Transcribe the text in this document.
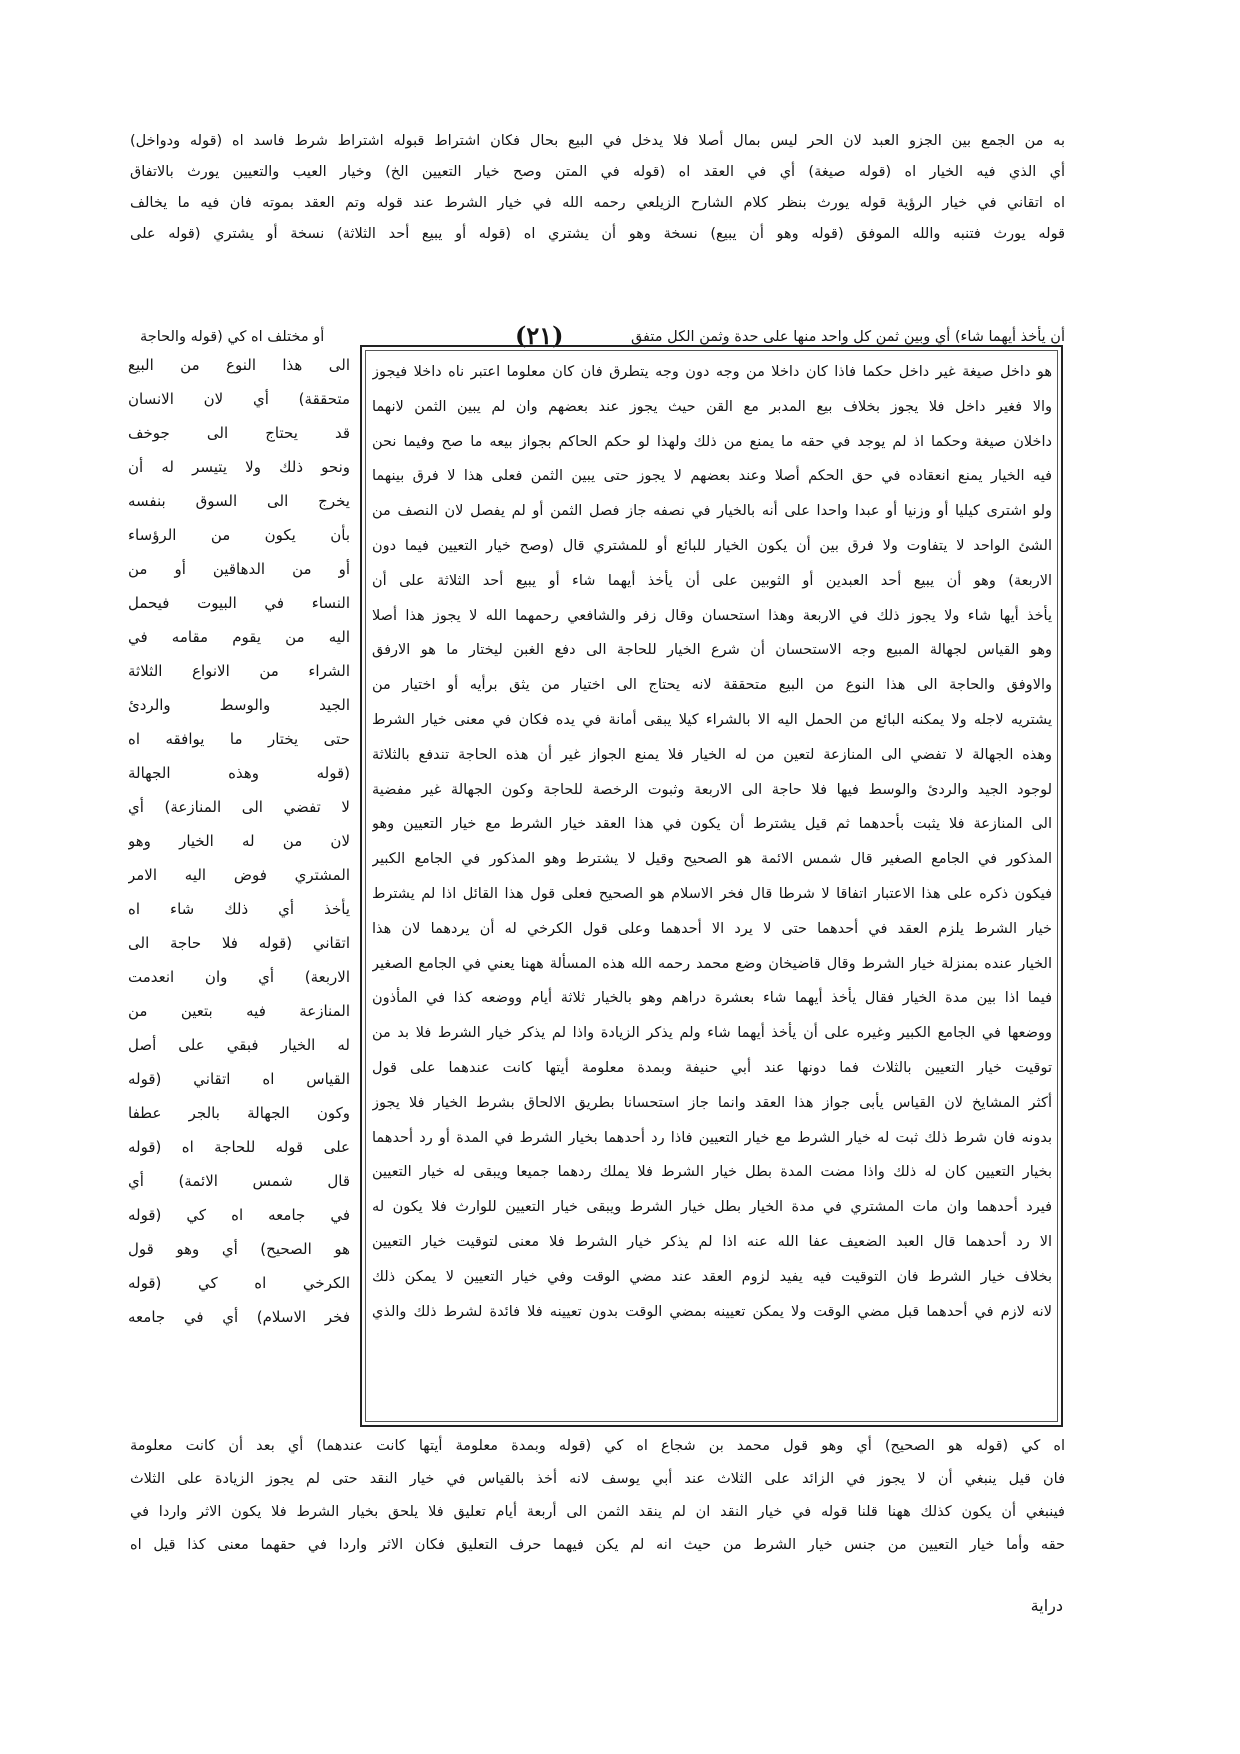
به من الجمع بين الجزو العبد لان الحر ليس بمال أصلا فلا يدخل في البيع بحال فكان اشتراط قبوله اشتراط شرط فاسد اه (قوله ودواخل)
أي الذي فيه الخيار اه (قوله صيغة) أي في العقد اه (قوله في المتن وصح خيار التعيين الخ) وخيار العيب والتعيين يورث بالاتفاق
اه اتقاني في خيار الرؤية قوله يورث بنظر كلام الشارح الزيلعي رحمه الله في خيار الشرط عند قوله وتم العقد بموته فان فيه ما يخالف
قوله يورث فتنبه والله الموفق (قوله وهو أن يبيع) نسخة وهو أن يشتري اه (قوله أو يبيع أحد الثلاثة) نسخة أو يشتري (قوله على
أن يأخذ أيهما شاء) أي وبين ثمن كل واحد منها على حدة وثمن الكل متفق
(٢١)
أو مختلف اه كي (قوله والحاجة
هو داخل صيغة غير داخل حكما فاذا كان داخلا من وجه دون وجه يتطرق فان كان معلوما اعتبر ناه داخلا فيجوز
والا فغير داخل فلا يجوز بخلاف بيع المدبر مع القن حيث يجوز عند بعضهم وان لم يبين الثمن لانهما
داخلان صيغة وحكما اذ لم يوجد في حقه ما يمنع من ذلك ولهذا لو حكم الحاكم بجواز بيعه ما صح وفيما نحن
فيه الخيار يمنع انعقاده في حق الحكم أصلا وعند بعضهم لا يجوز حتى يبين الثمن فعلى هذا لا فرق بينهما
ولو اشترى كيليا أو وزنيا أو عبدا واحدا على أنه بالخيار في نصفه جاز فصل الثمن أو لم يفصل لان النصف من
الشئ الواحد لا يتفاوت ولا فرق بين أن يكون الخيار للبائع أو للمشتري قال (وصح خيار التعيين فيما دون
الاربعة) وهو أن يبيع أحد العبدين أو الثوبين على أن يأخذ أيهما شاء أو يبيع أحد الثلاثة على أن
يأخذ أيها شاء ولا يجوز ذلك في الاربعة وهذا استحسان وقال زفر والشافعي رحمهما الله لا يجوز هذا أصلا
وهو القياس لجهالة المبيع وجه الاستحسان أن شرع الخيار للحاجة الى دفع الغبن ليختار ما هو الارفق
والاوفق والحاجة الى هذا النوع من البيع متحققة لانه يحتاج الى اختيار من يثق برأيه أو اختيار من
يشتريه لاجله ولا يمكنه البائع من الحمل اليه الا بالشراء كيلا يبقى أمانة في يده فكان في معنى خيار الشرط
وهذه الجهالة لا تفضي الى المنازعة لتعين من له الخيار فلا يمنع الجواز غير أن هذه الحاجة تندفع بالثلاثة
لوجود الجيد والردئ والوسط فيها فلا حاجة الى الاربعة وثبوت الرخصة للحاجة وكون الجهالة غير مفضية
الى المنازعة فلا يثبت بأحدهما ثم قيل يشترط أن يكون في هذا العقد خيار الشرط مع خيار التعيين وهو
المذكور في الجامع الصغير قال شمس الائمة هو الصحيح وقيل لا يشترط وهو المذكور في الجامع الكبير
فيكون ذكره على هذا الاعتبار اتفاقا لا شرطا قال فخر الاسلام هو الصحيح فعلى قول هذا القائل اذا لم يشترط
خيار الشرط يلزم العقد في أحدهما حتى لا يرد الا أحدهما وعلى قول الكرخي له أن يردهما لان هذا
الخيار عنده بمنزلة خيار الشرط وقال قاضيخان وضع محمد رحمه الله هذه المسألة ههنا يعني في الجامع الصغير
فيما اذا بين مدة الخيار فقال يأخذ أيهما شاء بعشرة دراهم وهو بالخيار ثلاثة أيام ووضعه كذا في المأذون
ووضعها في الجامع الكبير وغيره على أن يأخذ أيهما شاء ولم يذكر الزيادة واذا لم يذكر خيار الشرط فلا بد من
توقيت خيار التعيين بالثلاث فما دونها عند أبي حنيفة وبمدة معلومة أيتها كانت عندهما على قول
أكثر المشايخ لان القياس يأبى جواز هذا العقد وانما جاز استحسانا بطريق الالحاق بشرط الخيار فلا يجوز
بدونه فان شرط ذلك ثبت له خيار الشرط مع خيار التعيين فاذا رد أحدهما بخيار الشرط في المدة أو رد أحدهما
بخيار التعيين كان له ذلك واذا مضت المدة بطل خيار الشرط فلا يملك ردهما جميعا ويبقى له خيار التعيين
فيرد أحدهما وان مات المشتري في مدة الخيار بطل خيار الشرط ويبقى خيار التعيين للوارث فلا يكون له
الا رد أحدهما قال العبد الضعيف عفا الله عنه اذا لم يذكر خيار الشرط فلا معنى لتوقيت خيار التعيين
بخلاف خيار الشرط فان التوقيت فيه يفيد لزوم العقد عند مضي الوقت وفي خيار التعيين لا يمكن ذلك
لانه لازم في أحدهما قبل مضي الوقت ولا يمكن تعيينه بمضي الوقت بدون تعيينه فلا فائدة لشرط ذلك والذي
الى هذا النوع من البيع
متحققة) أي لان الانسان
قد يحتاج الى جوخف
ونحو ذلك ولا يتيسر له أن
يخرج الى السوق بنفسه
بأن يكون من الرؤساء
أو من الدهاقين أو من
النساء في البيوت فيحمل
اليه من يقوم مقامه في
الشراء من الانواع الثلاثة
الجيد والوسط والردئ
حتى يختار ما يوافقه اه
(قوله وهذه الجهالة
لا تفضي الى المنازعة) أي
لان من له الخيار وهو
المشتري فوض اليه الامر
يأخذ أي ذلك شاء اه
اتقاني (قوله فلا حاجة الى
الاربعة) أي وان انعدمت
المنازعة فيه بتعين من
له الخيار فبقي على أصل
القياس اه اتقاني (قوله
وكون الجهالة بالجر عطفا
على قوله للحاجة اه (قوله
قال شمس الائمة) أي
في جامعه اه كي (قوله
هو الصحيح) أي وهو قول
الكرخي اه كي (قوله
فخر الاسلام) أي في جامعه
اه كي (قوله هو الصحيح) أي وهو قول محمد بن شجاع اه كي (قوله وبمدة معلومة أيتها كانت عندهما) أي بعد أن كانت معلومة
فان قيل ينبغي أن لا يجوز في الزائد على الثلاث عند أبي يوسف لانه أخذ بالقياس في خيار النقد حتى لم يجوز الزيادة على الثلاث
فينبغي أن يكون كذلك ههنا قلنا قوله في خيار النقد ان لم ينقد الثمن الى أربعة أيام تعليق فلا يلحق بخيار الشرط فلا يكون الاثر واردا في
حقه وأما خيار التعيين من جنس خيار الشرط من حيث انه لم يكن فيهما حرف التعليق فكان الاثر واردا في حقهما معنى كذا قيل اه
دراية
